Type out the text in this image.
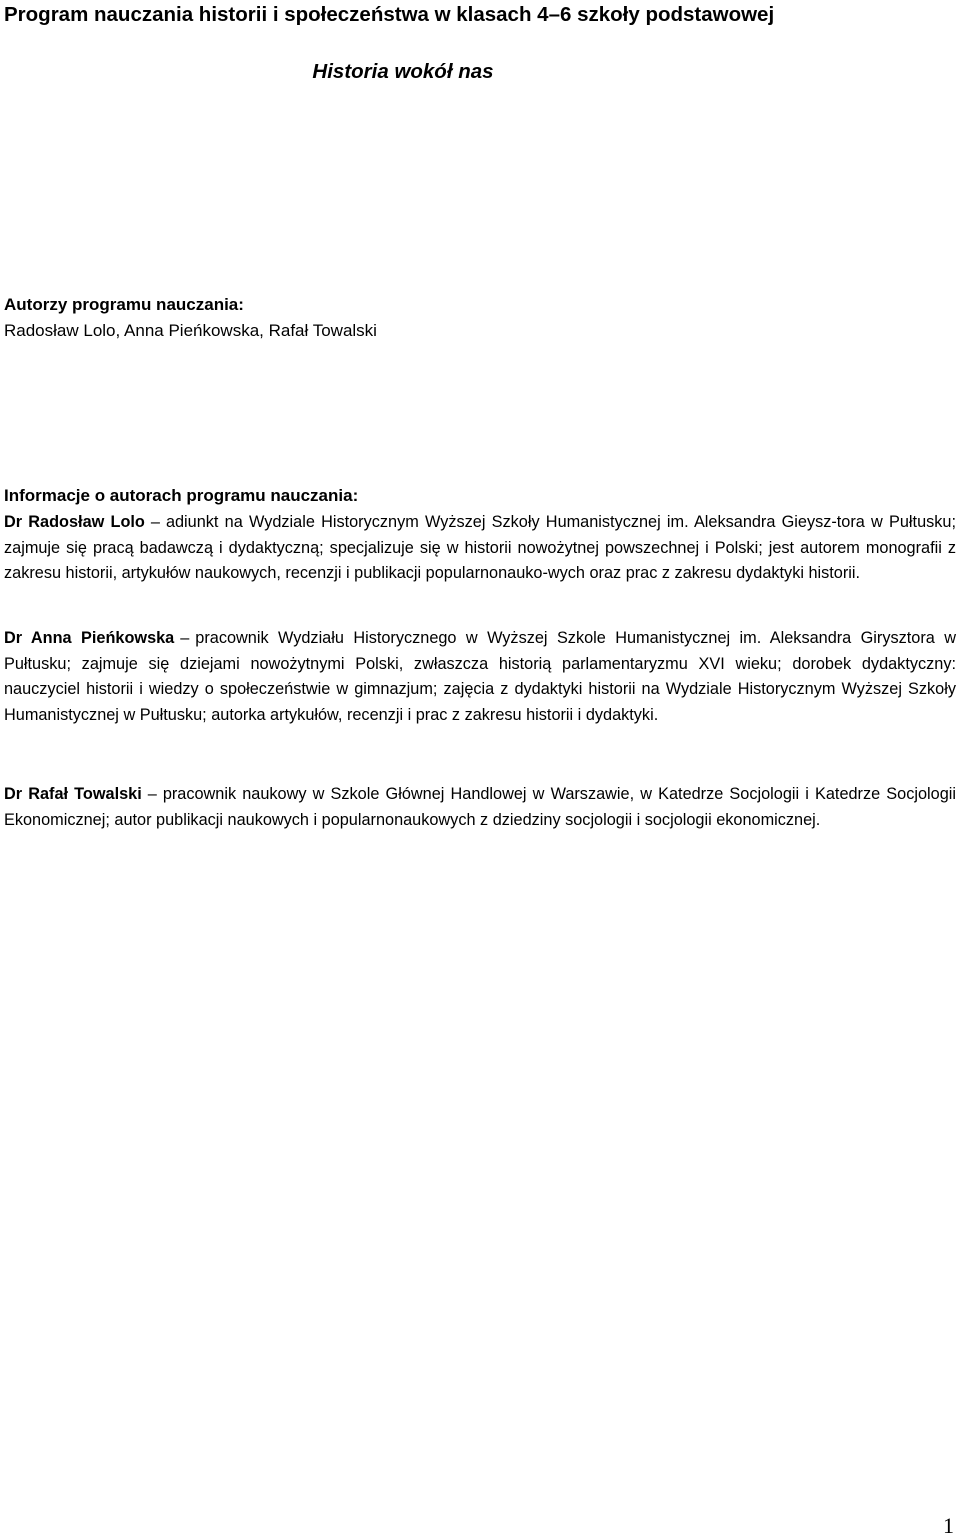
Program nauczania historii i społeczeństwa w klasach 4–6 szkoły podstawowej
Historia wokół nas
Autorzy programu nauczania:
Radosław Lolo, Anna Pieńkowska, Rafał Towalski
Informacje o autorach programu nauczania:

Dr Radosław Lolo – adiunkt na Wydziale Historycznym Wyższej Szkoły Humanistycznej im. Aleksandra Gieysz-tora w Pułtusku; zajmuje się pracą badawczą i dydaktyczną; specjalizuje się w historii nowożytnej powszechnej i Polski; jest autorem monografii z zakresu historii, artykułów naukowych, recenzji i publikacji popularnonauko-wych oraz prac z zakresu dydaktyki historii.

Dr Anna Pieńkowska – pracownik Wydziału Historycznego w Wyższej Szkole Humanistycznej im. Aleksandra Girysztora w Pułtusku; zajmuje się dziejami nowożytnymi Polski, zwłaszcza historią parlamentaryzmu XVI wieku; dorobek dydaktyczny: nauczyciel historii i wiedzy o społeczeństwie w gimnazjum; zajęcia z dydaktyki historii na Wydziale Historycznym Wyższej Szkoły Humanistycznej w Pułtusku; autorka artykułów, recenzji i prac z zakresu historii i dydaktyki.

Dr Rafał Towalski – pracownik naukowy w Szkole Głównej Handlowej w Warszawie, w Katedrze Socjologii i Katedrze Socjologii Ekonomicznej; autor publikacji naukowych i popularnonaukowych z dziedziny socjologii i socjologii ekonomicznej.

1
